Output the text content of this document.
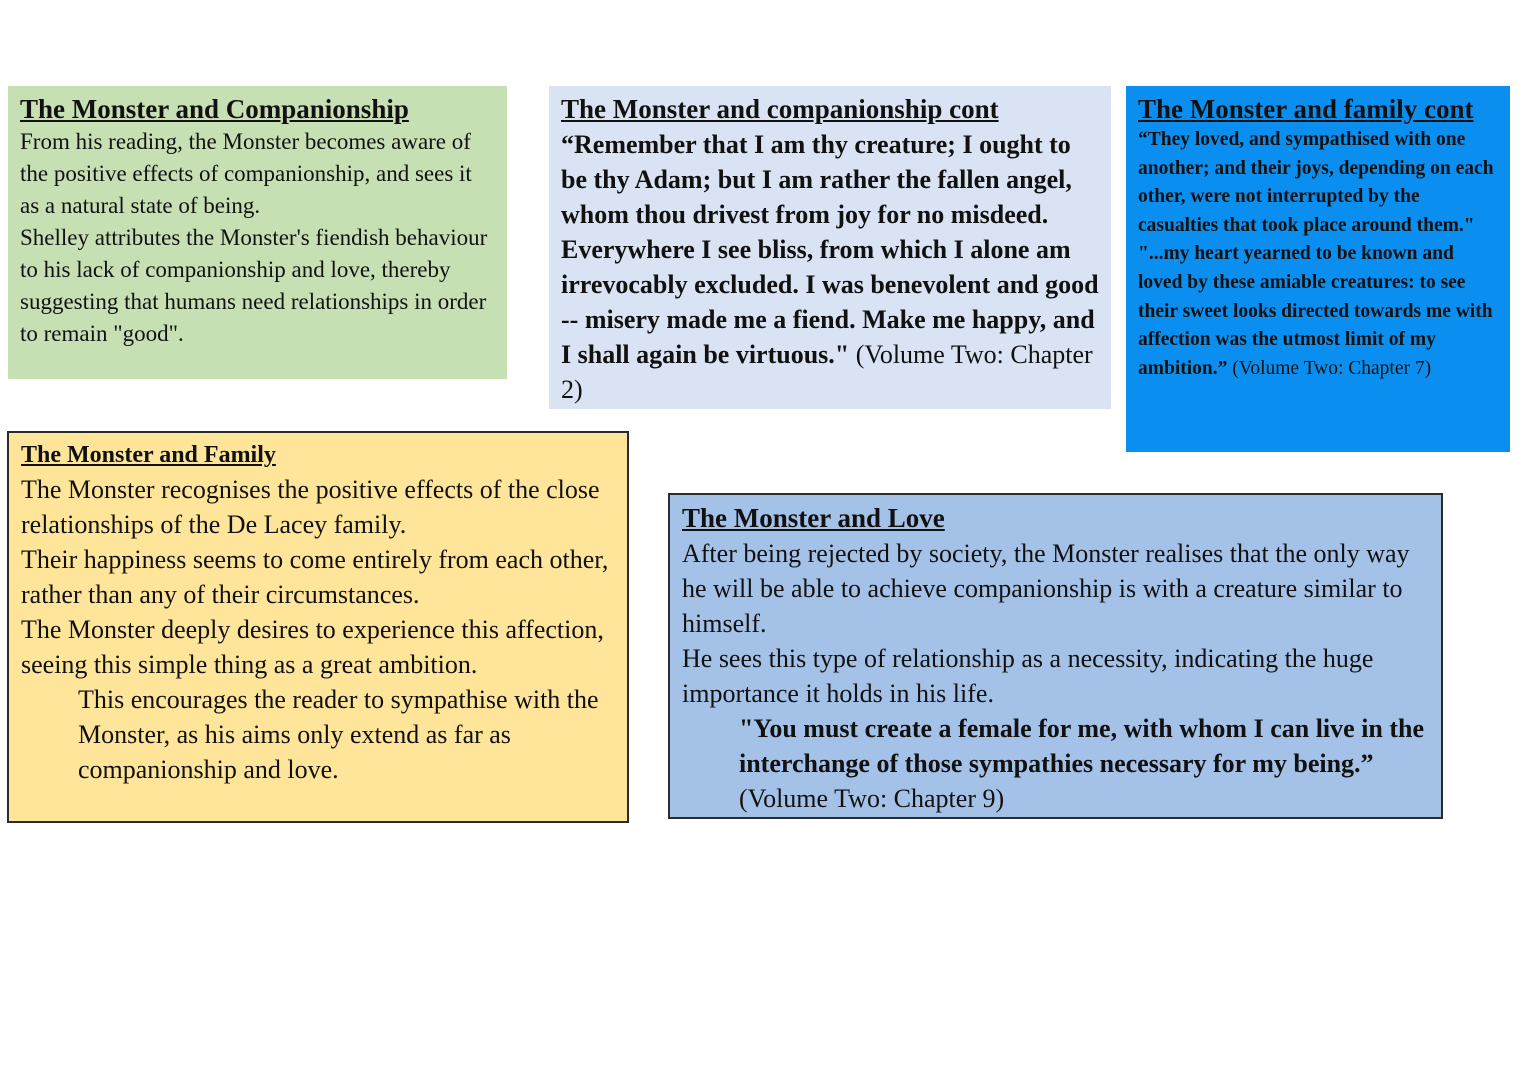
The Monster and Companionship

From his reading, the Monster becomes aware of the positive effects of companionship, and sees it as a natural state of being.

Shelley attributes the Monster's fiendish behaviour to his lack of companionship and love, thereby suggesting that humans need relationships in order to remain "good".

The Monster and companionship cont

“Remember that I am thy creature; I ought to be thy Adam; but I am rather the fallen angel, whom thou drivest from joy for no misdeed. Everywhere I see bliss, from which I alone am irrevocably excluded. I was benevolent and good -- misery made me a fiend. Make me happy, and I shall again be virtuous." (Volume Two: Chapter 2)

The Monster and family cont

“They loved, and sympathised with one another; and their joys, depending on each other, were not interrupted by the casualties that took place around them."

"...my heart yearned to be known and loved by these amiable creatures: to see their sweet looks directed towards me with affection was the utmost limit of my ambition.” (Volume Two: Chapter 7)

The Monster and Family

The Monster recognises the positive effects of the close relationships of the De Lacey family.

Their happiness seems to come entirely from each other, rather than any of their circumstances.

The Monster deeply desires to experience this affection, seeing this simple thing as a great ambition.

This encourages the reader to sympathise with the Monster, as his aims only extend as far as companionship and love.

The Monster and Love

After being rejected by society, the Monster realises that the only way he will be able to achieve companionship is with a creature similar to himself.

He sees this type of relationship as a necessity, indicating the huge importance it holds in his life.

"You must create a female for me, with whom I can live in the interchange of those sympathies necessary for my being.” (Volume Two: Chapter 9)
